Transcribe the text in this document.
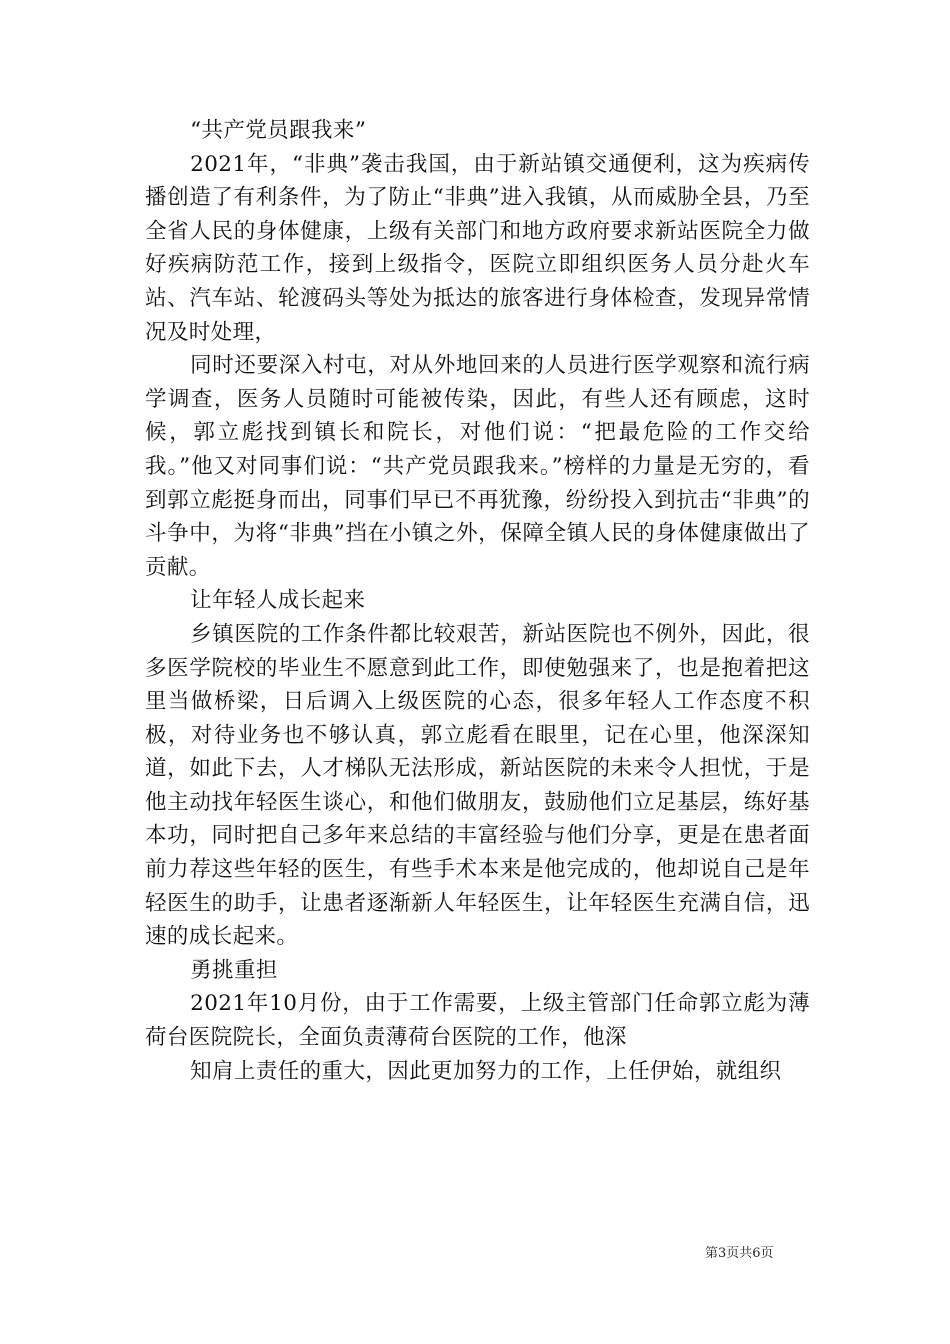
“共产党员跟我来”

2021年，“非典”袭击我国，由于新站镇交通便利，这为疾病传播创造了有利条件，为了防止“非典”进入我镇，从而威胁全县，乃至全省人民的身体健康，上级有关部门和地方政府要求新站医院全力做好疾病防范工作，接到上级指令，医院立即组织医务人员分赴火车站、汽车站、轮渡码头等处为抵达的旅客进行身体检查，发现异常情况及时处理，

同时还要深入村屯，对从外地回来的人员进行医学观察和流行病学调查，医务人员随时可能被传染，因此，有些人还有顾虑，这时候，郭立彪找到镇长和院长，对他们说：“把最危险的工作交给我。”他又对同事们说：“共产党员跟我来。”榜样的力量是无穷的，看到郭立彪挺身而出，同事们早已不再犹豫，纷纷投入到抗击“非典”的斗争中，为将“非典”挡在小镇之外，保障全镇人民的身体健康做出了贡献。

让年轻人成长起来

乡镇医院的工作条件都比较艰苦，新站医院也不例外，因此，很多医学院校的毕业生不愿意到此工作，即使勉强来了，也是抱着把这里当做桥梁，日后调入上级医院的心态，很多年轻人工作态度不积极，对待业务也不够认真，郭立彪看在眼里，记在心里，他深深知道，如此下去，人才梯队无法形成，新站医院的未来令人担忧，于是他主动找年轻医生谈心，和他们做朋友，鼓励他们立足基层，练好基本功，同时把自己多年来总结的丰富经验与他们分享，更是在患者面前力荐这些年轻的医生，有些手术本来是他完成的，他却说自己是年轻医生的助手，让患者逐渐新人年轻医生，让年轻医生充满自信，迅速的成长起来。

勇挑重担

2021年10月份，由于工作需要，上级主管部门任命郭立彪为薄荷台医院院长，全面负责薄荷台医院的工作，他深

知肩上责任的重大，因此更加努力的工作，上任伊始，就组织

第3页共6页
